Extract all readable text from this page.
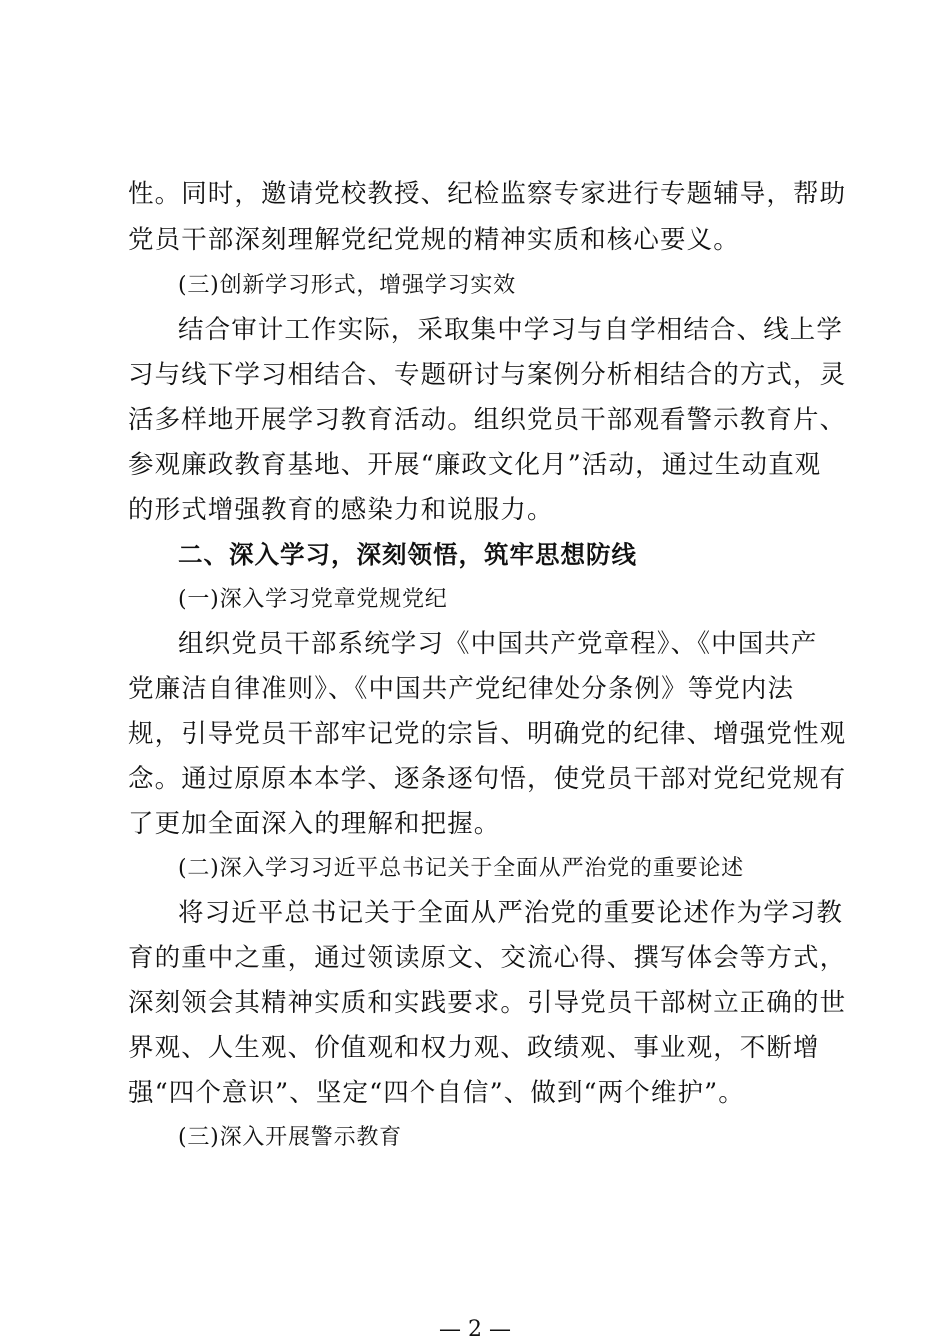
性。同时，邀请党校教授、纪检监察专家进行专题辅导，帮助
党员干部深刻理解党纪党规的精神实质和核心要义。
(三)创新学习形式，增强学习实效
结合审计工作实际，采取集中学习与自学相结合、线上学
习与线下学习相结合、专题研讨与案例分析相结合的方式，灵
活多样地开展学习教育活动。组织党员干部观看警示教育片、
参观廉政教育基地、开展“廉政文化月”活动，通过生动直观
的形式增强教育的感染力和说服力。
二、深入学习，深刻领悟，筑牢思想防线
(一)深入学习党章党规党纪
组织党员干部系统学习《中国共产党章程》、《中国共产
党廉洁自律准则》、《中国共产党纪律处分条例》等党内法
规，引导党员干部牢记党的宗旨、明确党的纪律、增强党性观
念。通过原原本本学、逐条逐句悟，使党员干部对党纪党规有
了更加全面深入的理解和把握。
(二)深入学习习近平总书记关于全面从严治党的重要论述
将习近平总书记关于全面从严治党的重要论述作为学习教
育的重中之重，通过领读原文、交流心得、撰写体会等方式，
深刻领会其精神实质和实践要求。引导党员干部树立正确的世
界观、人生观、价值观和权力观、政绩观、事业观，不断增
强“四个意识”、坚定“四个自信”、做到“两个维护”。
(三)深入开展警示教育
— 2 —
